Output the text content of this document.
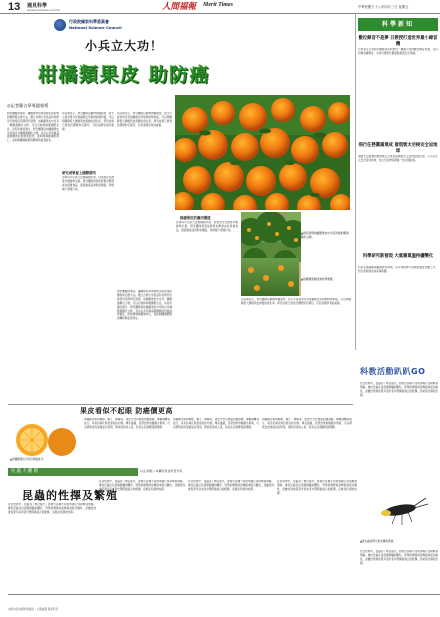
13 週見科學
www.meritimes.com.tw	人間福報	Merit Times	中華民國九十八年四月三日 星期五
行政院國家科學委員會
National Science Council
小兵立大功！
柑橘類果皮 助防癌
◎記者羅吉華專題報導
對抗腫瘤的進步，讓國際科技界發展出新的預防藥物與治療方法。國立台灣大學食品科技研究所教授何其儻研究發現，柑橘類果皮中含有一種類黃酮化合物，可以有效抑制癌細胞生長，具有防癌的潛力。研究團隊從柑橘類果皮中萃取出多種類黃酮化合物，其中以多甲氧基黃酮類的抗癌效果最佳，能夠誘導癌細胞凋亡，並抑制腫瘤細胞的轉移與血管新生。
何其儻表示，研究團隊以動物實驗證實，給予小鼠食用含有柑橘果皮萃取物的飼料後，可以明顯降低大腸癌與皮膚癌的發生率。研究成果已發表於國際知名期刊，引起各國學者的重視。
研究成果登上國際期刊
台灣每年生產大量柑橘類水果，但果皮往往被當作廢棄物丟棄。研究團隊希望能將果皮開發成為保健食品，提高農產品的附加價值，同時減少環境污染。
何其儻表示，研究團隊以動物實驗證實，給予小鼠食用含有柑橘果皮萃取物的飼料後，可以明顯降低大腸癌與皮膚癌的發生率。研究成果已發表於國際知名期刊，引起各國學者的重視。
推廣果皮的應用價值
台灣每年生產大量柑橘類水果，但果皮往往被當作廢棄物丟棄。研究團隊希望能將果皮開發成為保健食品，提高農產品的附加價值，同時減少環境污染。
對抗腫瘤的進步，讓國際科技界發展出新的預防藥物與治療方法。國立台灣大學食品科技研究所教授何其儻研究發現，柑橘類果皮中含有一種類黃酮化合物，可以有效抑制癌細胞生長，具有防癌的潛力。研究團隊從柑橘類果皮中萃取出多種類黃酮化合物，其中以多甲氧基黃酮類的抗癌效果最佳，能夠誘導癌細胞凋亡，並抑制腫瘤細胞的轉移與血管新生。
何其儻表示，研究團隊以動物實驗證實，給予小鼠食用含有柑橘果皮萃取物的飼料後，可以明顯降低大腸癌與皮膚癌的發生率。研究成果已發表於國際知名期刊，引起各國學者的重視。
▲研究發現柑橘類果皮中含有防癌的類黃酮化合物。
▲柑橘類果樹成熟結實纍纍。
科學新知
數位錄音不是夢 日教授打造世界最小錄音機
日本東京大學研究團隊成功研發出一種超小型的數位錄音裝置，可以記錄各種聲音，未來可應用於醫療監測與安全領域。
飛行任務圓滿達成 發現號太空梭安全返地球
美國太空總署的發現號太空梭完成國際太空站的組裝任務，七名太空人安全返回地球，為太空站增添最後一組太陽能板。
科學研究新發現 大氣層氣溫持續變化
科學家透過衛星觀測資料發現，近年來地球大氣層的溫度持續上升，對全球氣候造成深遠影響。
科教活動趴趴GO
果皮看似不起眼 防癌價更高
▲柑橘類果皮中含有防癌成分。
柑橘類水果如柳橙、橘子、檸檬等，果皮中含有豐富的類黃酮、檸檬油精等成分，具有抗氧化與抗發炎的功效。專家建議，民眾食用柑橘類水果時，可以將果皮洗淨後加以利用，例如泡茶或入菜，但需注意農藥殘留問題。
柑橘類水果如柳橙、橘子、檸檬等，果皮中含有豐富的類黃酮、檸檬油精等成分，具有抗氧化與抗發炎的功效。專家建議，民眾食用柑橘類水果時，可以將果皮洗淨後加以利用，例如泡茶或入菜，但需注意農藥殘留問題。
柑橘類水果如柳橙、橘子、檸檬等，果皮中含有豐富的類黃酮、檸檬油精等成分，具有抗氧化與抗發炎的功效。專家建議，民眾食用柑橘類水果時，可以將果皮洗淨後加以利用，例如泡茶或入菜，但需注意農藥殘留問題。
昆 蟲 大 觀 園	◎文/周稔 / 本欄作者為科普作家
昆蟲的性擇及繁殖
在自然界中，昆蟲為了繁衍後代，發展出各種不同的求偶行為與繁殖策略。雄性昆蟲往往透過鮮豔的體色、特殊的鳴聲或是舞蹈來吸引雌性，而雌性則會從眾多追求者中選擇最適合的配偶，這就是所謂的性擇。
在自然界中，昆蟲為了繁衍後代，發展出各種不同的求偶行為與繁殖策略。雄性昆蟲往往透過鮮豔的體色、特殊的鳴聲或是舞蹈來吸引雌性，而雌性則會從眾多追求者中選擇最適合的配偶，這就是所謂的性擇。
在自然界中，昆蟲為了繁衍後代，發展出各種不同的求偶行為與繁殖策略。雄性昆蟲往往透過鮮豔的體色、特殊的鳴聲或是舞蹈來吸引雌性，而雌性則會從眾多追求者中選擇最適合的配偶，這就是所謂的性擇。
在自然界中，昆蟲為了繁衍後代，發展出各種不同的求偶行為與繁殖策略。雄性昆蟲往往透過鮮豔的體色、特殊的鳴聲或是舞蹈來吸引雌性，而雌性則會從眾多追求者中選擇最適合的配偶，這就是所謂的性擇。
在自然界中，昆蟲為了繁衍後代，發展出各種不同的求偶行為與繁殖策略。雄性昆蟲往往透過鮮豔的體色、特殊的鳴聲或是舞蹈來吸引雌性，而雌性則會從眾多追求者中選擇最適合的配偶，這就是所謂的性擇。
▲螢火蟲的閃光是求偶的訊號。
在自然界中，昆蟲為了繁衍後代，發展出各種不同的求偶行為與繁殖策略。雄性昆蟲往往透過鮮豔的體色、特殊的鳴聲或是舞蹈來吸引雌性，而雌性則會從眾多追求者中選擇最適合的配偶，這就是所謂的性擇。
本版內容由國科會提供｜人間福報 週見科學
